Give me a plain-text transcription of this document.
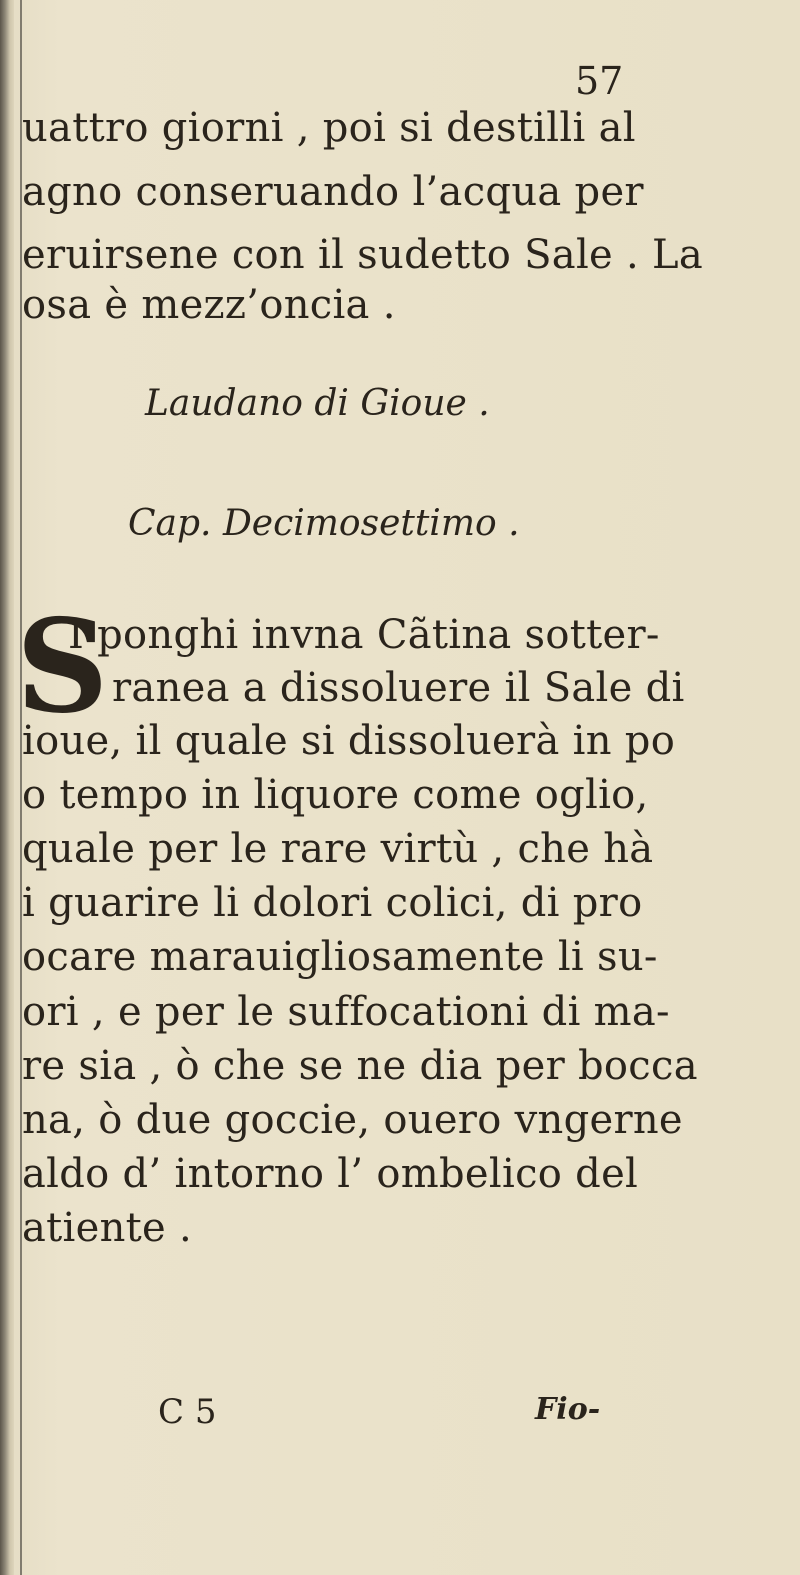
57

uattro giorni , poi si destilli al

agno conseruando l’acqua per

eruirsene con il sudetto Sale . La

osa è mezz’oncia .

Laudano di Gioue .

Cap. Decimosettimo .

S

I ponghi invna Cãtina sotter-

ranea a dissoluere il Sale di

ioue, il quale si dissoluerà in po

o tempo in liquore come oglio,

quale per le rare virtù , che hà

i guarire li dolori colici, di pro

ocare marauigliosamente li su-

ori , e per le suffocationi di ma-

re sia , ò che se ne dia per bocca

na, ò due goccie, ouero vngerne

aldo d’ intorno l’ ombelico del

atiente .

C 5	Fio-
